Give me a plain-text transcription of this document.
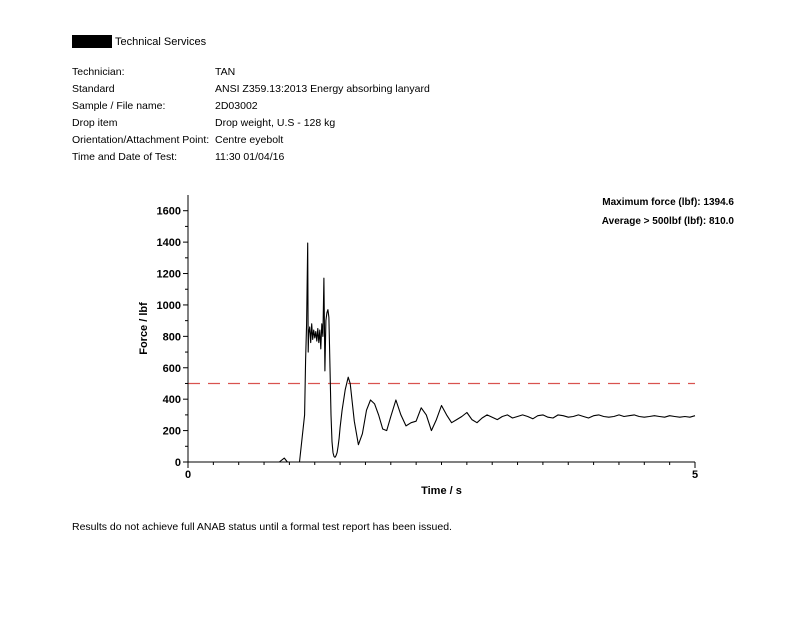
Technical Services
Technician:	TAN
Standard	ANSI Z359.13:2013 Energy absorbing lanyard
Sample / File name:	2D03002
Drop item	Drop weight, U.S - 128 kg
Orientation/Attachment Point: Centre eyebolt
Time and Date of Test:	11:30 01/04/16
Maximum force (lbf): 1394.6
Average > 500lbf (lbf): 810.0
0
200
400
600
800
1000
1200
1400
1600
0	5
Force / lbf
Time / s
Results do not achieve full ANAB status until a formal test report has been issued.
